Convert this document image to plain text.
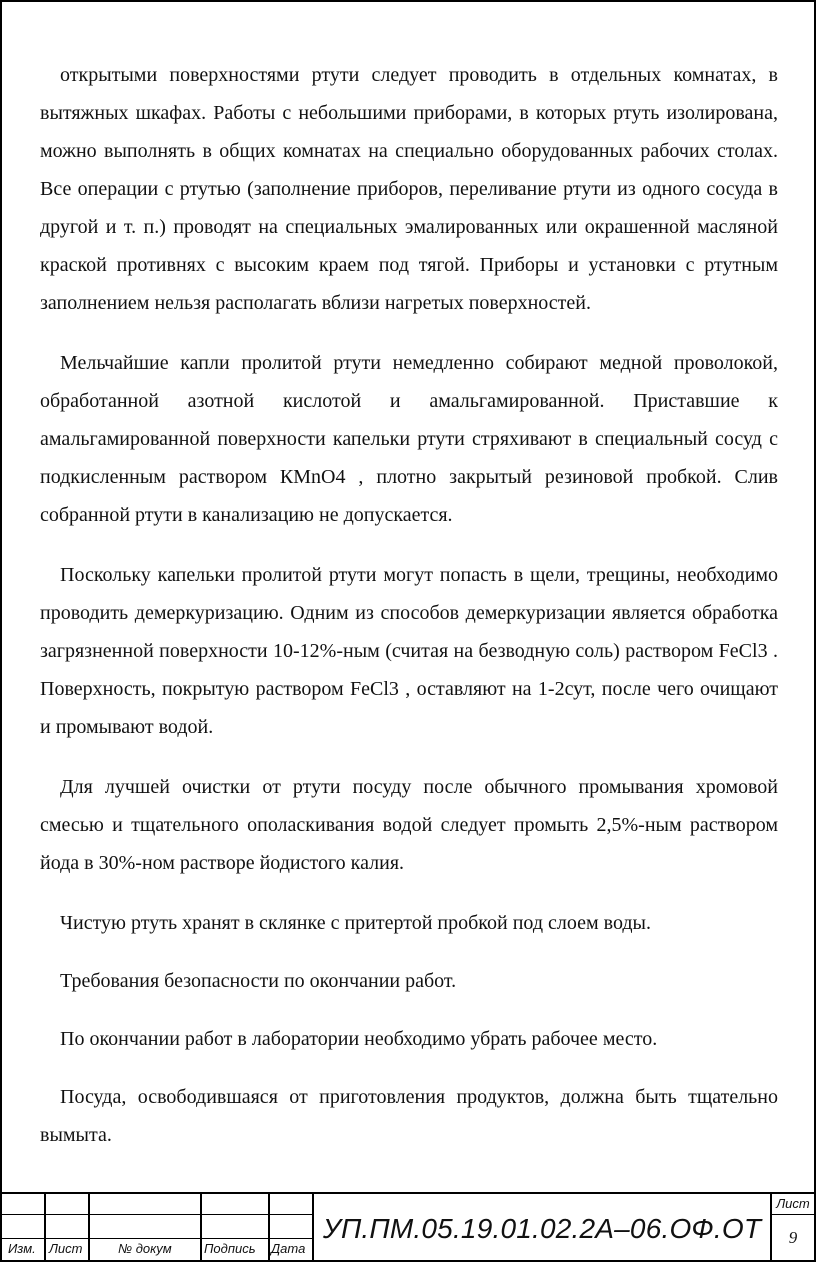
открытыми поверхностями ртути следует проводить в отдельных комнатах, в вытяжных шкафах. Работы с небольшими приборами, в которых ртуть изолирована, можно выполнять в общих комнатах на специально оборудованных рабочих столах. Все операции с ртутью (заполнение приборов, переливание ртути из одного сосуда в другой и т. п.) проводят на специальных эмалированных или окрашенной масляной краской противнях с высоким краем под тягой. Приборы и установки с ртутным заполнением нельзя располагать вблизи нагретых поверхностей.

Мельчайшие капли пролитой ртути немедленно собирают медной проволокой, обработанной азотной кислотой и амальгамированной. Приставшие к амальгамированной поверхности капельки ртути стряхивают в специальный сосуд с подкисленным раствором КMnO4 , плотно закрытый резиновой пробкой. Слив собранной ртути в канализацию не допускается.

Поскольку капельки пролитой ртути могут попасть в щели, трещины, необходимо проводить демеркуризацию. Одним из способов демеркуризации является обработка загрязненной поверхности 10-12%-ным (считая на безводную соль) раствором FeCl3 . Поверхность, покрытую раствором FeCl3 , оставляют на 1-2сут, после чего очищают и промывают водой.

Для лучшей очистки от ртути посуду после обычного промывания хромовой смесью и тщательного ополаскивания водой следует промыть 2,5%-ным раствором йода в 30%-ном растворе йодистого калия.

Чистую ртуть хранят в склянке с притертой пробкой под слоем воды.

Требования безопасности по окончании работ.

По окончании работ в лаборатории необходимо убрать рабочее место.

Посуда, освободившаяся от приготовления продуктов, должна быть тщательно вымыта.

Изм. Лист	№ докум Подпись Дата
УП.ПМ.05.19.01.02.2А–06.ОФ.ОТ
Лист
9
